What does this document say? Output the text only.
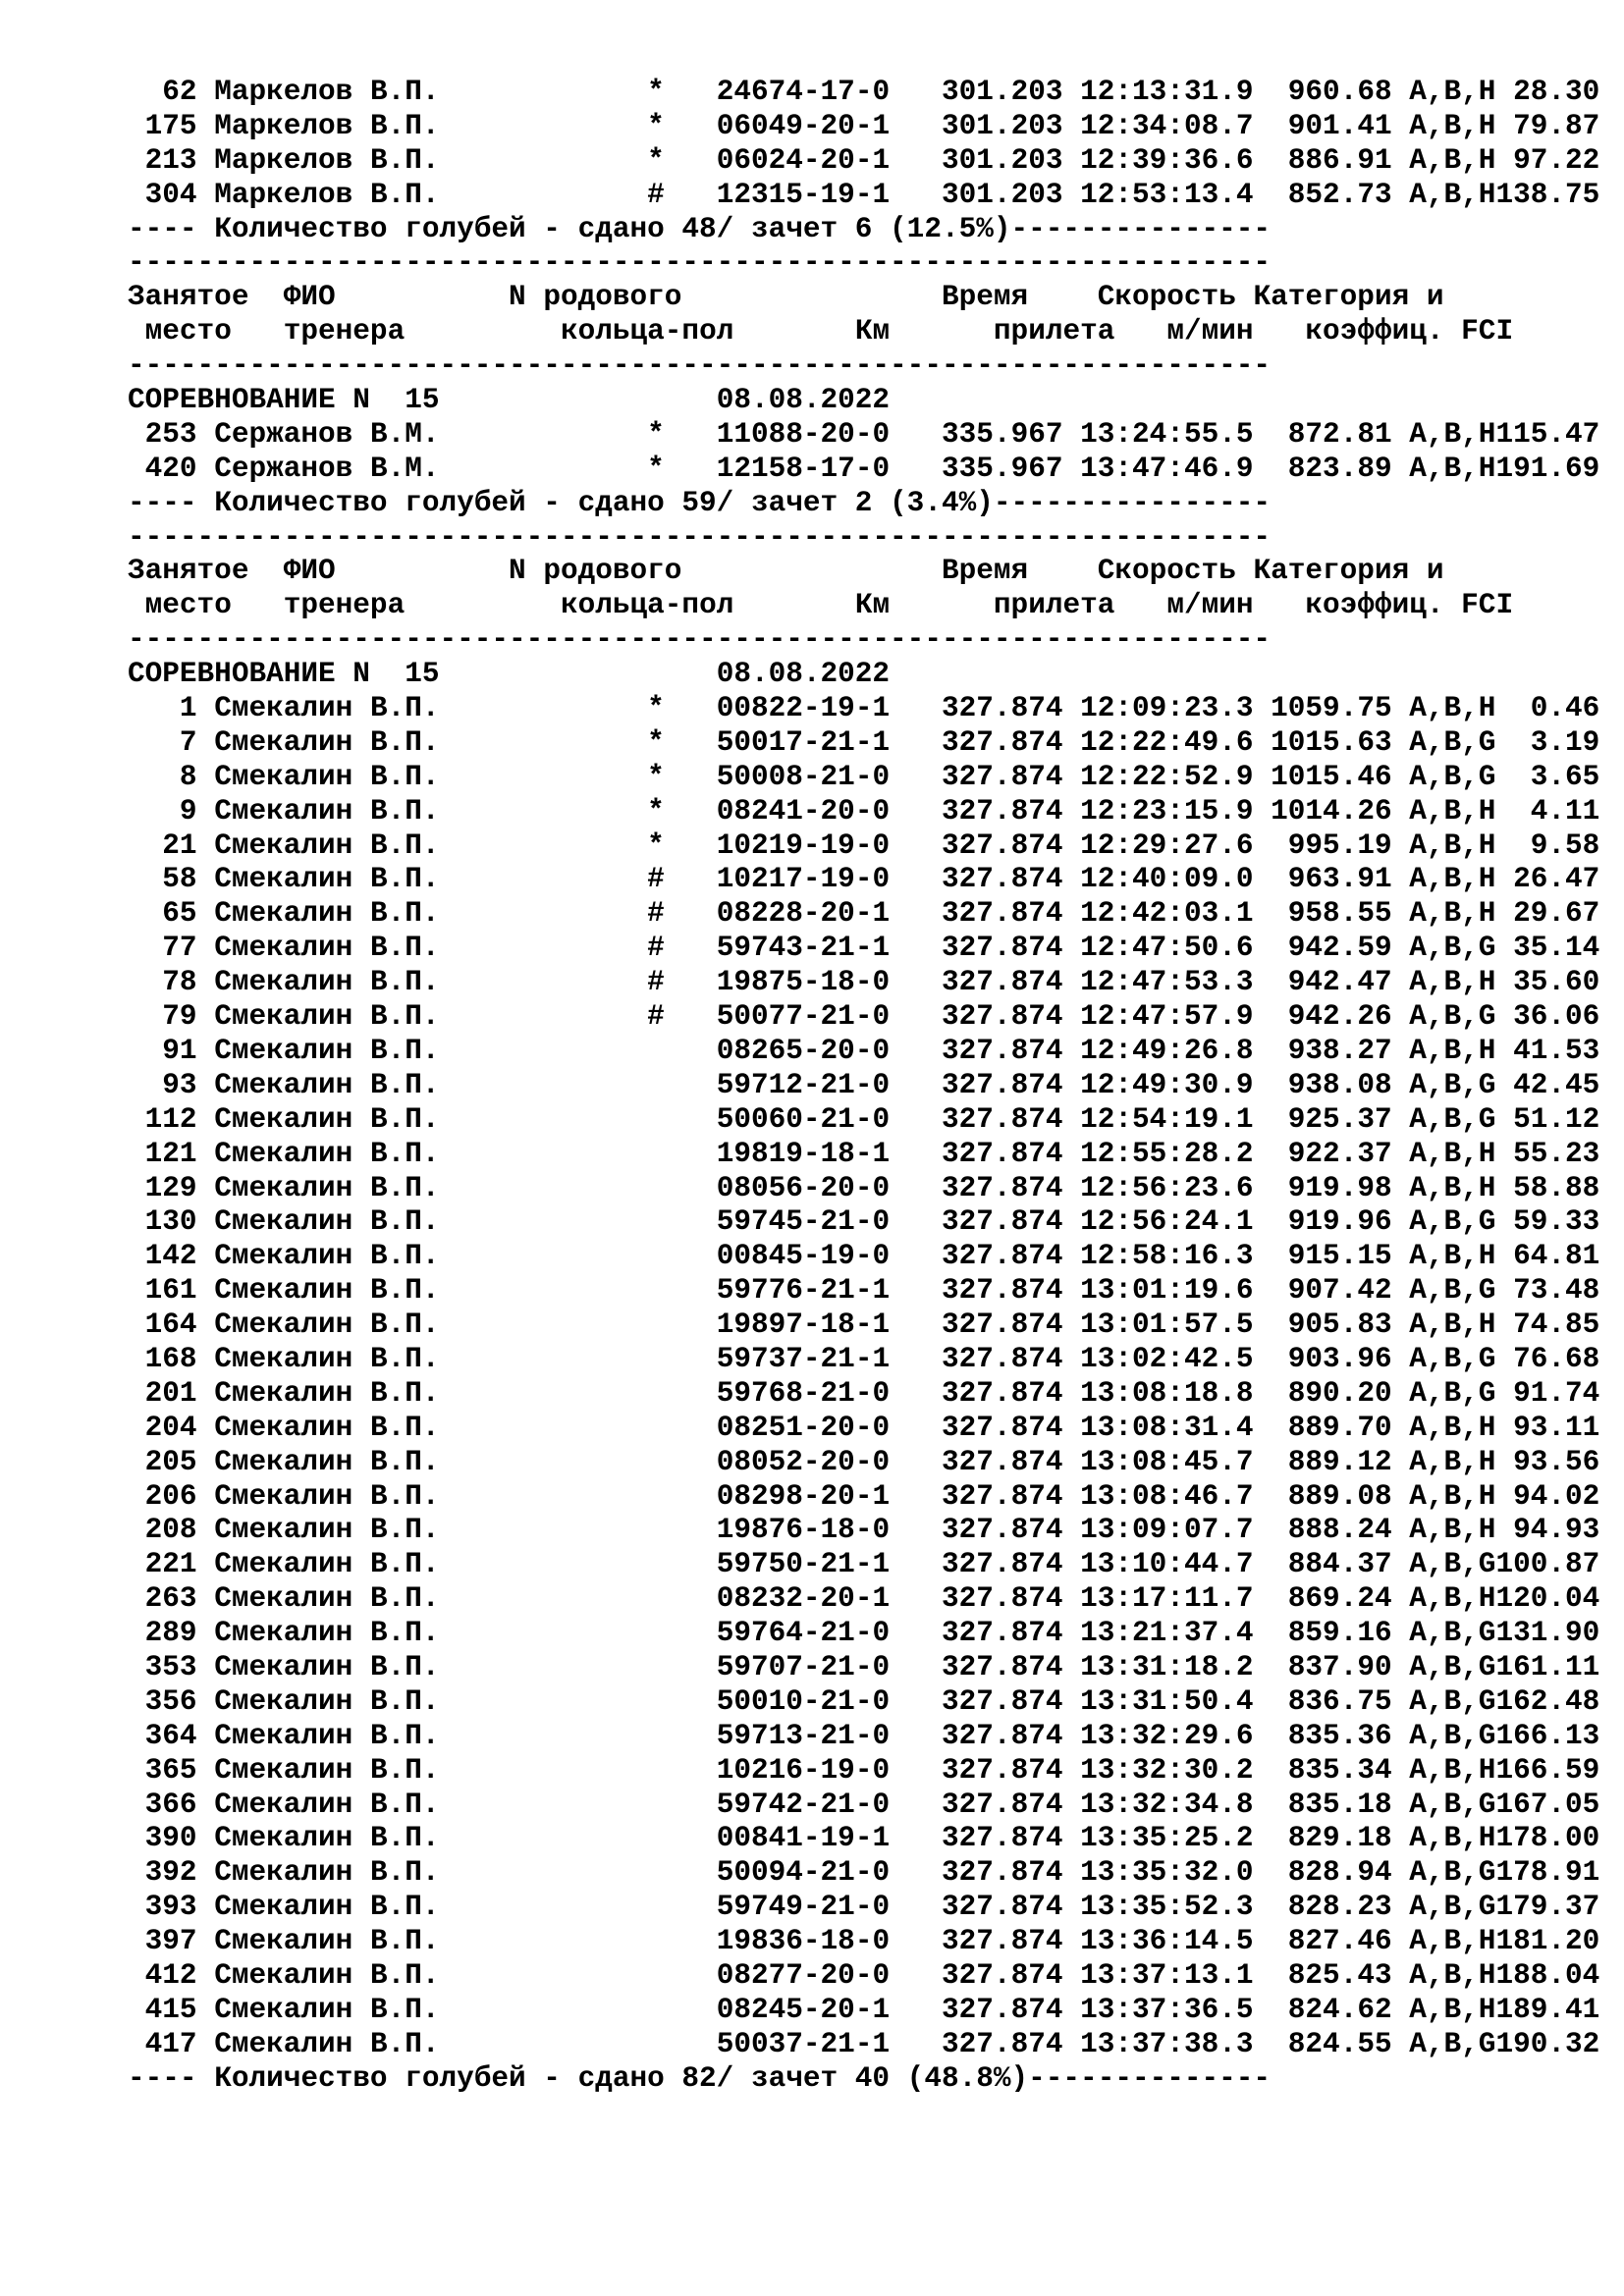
62 Маркелов В.П.	* 24674-17-0 301.203 12:13:31.9 960.68 A,B,H 28.30
175 Маркелов В.П.	* 06049-20-1 301.203 12:34:08.7 901.41 A,B,H 79.87
213 Маркелов В.П.	* 06024-20-1 301.203 12:39:36.6 886.91 A,B,H 97.22
304 Маркелов В.П.	# 12315-19-1 301.203 12:53:13.4 852.73 A,B,H138.75
---- Количество голубей - сдано 48/ зачет 6 (12.5%)---------------
------------------------------------------------------------------
Занятое ФИО	N родового	Время Скорость Категория и
место тренера	кольца-пол	Км	прилета м/мин коэффиц. FCI
------------------------------------------------------------------
СОРЕВНОВАНИЕ N  15	08.08.2022
253 Сержанов В.М.	* 11088-20-0 335.967 13:24:55.5 872.81 A,B,H115.47
420 Сержанов В.М.	* 12158-17-0 335.967 13:47:46.9 823.89 A,B,H191.69
---- Количество голубей - сдано 59/ зачет 2 (3.4%)----------------
------------------------------------------------------------------
Занятое ФИО	N родового	Время Скорость Категория и
место тренера	кольца-пол	Км	прилета м/мин коэффиц. FCI
------------------------------------------------------------------
СОРЕВНОВАНИЕ N  15	08.08.2022
1 Смекалин В.П.	* 00822-19-1 327.874 12:09:23.3 1059.75 A,B,H 0.46
7 Смекалин В.П.	* 50017-21-1 327.874 12:22:49.6 1015.63 A,B,G 3.19
8 Смекалин В.П.	* 50008-21-0 327.874 12:22:52.9 1015.46 A,B,G 3.65
9 Смекалин В.П.	* 08241-20-0 327.874 12:23:15.9 1014.26 A,B,H 4.11
21 Смекалин В.П.	* 10219-19-0 327.874 12:29:27.6 995.19 A,B,H 9.58
58 Смекалин В.П.	# 10217-19-0 327.874 12:40:09.0 963.91 A,B,H 26.47
65 Смекалин В.П.	# 08228-20-1 327.874 12:42:03.1 958.55 A,B,H 29.67
77 Смекалин В.П.	# 59743-21-1 327.874 12:47:50.6 942.59 A,B,G 35.14
78 Смекалин В.П.	# 19875-18-0 327.874 12:47:53.3 942.47 A,B,H 35.60
79 Смекалин В.П.	# 50077-21-0 327.874 12:47:57.9 942.26 A,B,G 36.06
91 Смекалин В.П.	08265-20-0 327.874 12:49:26.8 938.27 A,B,H 41.53
93 Смекалин В.П.	59712-21-0 327.874 12:49:30.9 938.08 A,B,G 42.45
112 Смекалин В.П.	50060-21-0 327.874 12:54:19.1 925.37 A,B,G 51.12
121 Смекалин В.П.	19819-18-1 327.874 12:55:28.2 922.37 A,B,H 55.23
129 Смекалин В.П.	08056-20-0 327.874 12:56:23.6 919.98 A,B,H 58.88
130 Смекалин В.П.	59745-21-0 327.874 12:56:24.1 919.96 A,B,G 59.33
142 Смекалин В.П.	00845-19-0 327.874 12:58:16.3 915.15 A,B,H 64.81
161 Смекалин В.П.	59776-21-1 327.874 13:01:19.6 907.42 A,B,G 73.48
164 Смекалин В.П.	19897-18-1 327.874 13:01:57.5 905.83 A,B,H 74.85
168 Смекалин В.П.	59737-21-1 327.874 13:02:42.5 903.96 A,B,G 76.68
201 Смекалин В.П.	59768-21-0 327.874 13:08:18.8 890.20 A,B,G 91.74
204 Смекалин В.П.	08251-20-0 327.874 13:08:31.4 889.70 A,B,H 93.11
205 Смекалин В.П.	08052-20-0 327.874 13:08:45.7 889.12 A,B,H 93.56
206 Смекалин В.П.	08298-20-1 327.874 13:08:46.7 889.08 A,B,H 94.02
208 Смекалин В.П.	19876-18-0 327.874 13:09:07.7 888.24 A,B,H 94.93
221 Смекалин В.П.	59750-21-1 327.874 13:10:44.7 884.37 A,B,G100.87
263 Смекалин В.П.	08232-20-1 327.874 13:17:11.7 869.24 A,B,H120.04
289 Смекалин В.П.	59764-21-0 327.874 13:21:37.4 859.16 A,B,G131.90
353 Смекалин В.П.	59707-21-0 327.874 13:31:18.2 837.90 A,B,G161.11
356 Смекалин В.П.	50010-21-0 327.874 13:31:50.4 836.75 A,B,G162.48
364 Смекалин В.П.	59713-21-0 327.874 13:32:29.6 835.36 A,B,G166.13
365 Смекалин В.П.	10216-19-0 327.874 13:32:30.2 835.34 A,B,H166.59
366 Смекалин В.П.	59742-21-0 327.874 13:32:34.8 835.18 A,B,G167.05
390 Смекалин В.П.	00841-19-1 327.874 13:35:25.2 829.18 A,B,H178.00
392 Смекалин В.П.	50094-21-0 327.874 13:35:32.0 828.94 A,B,G178.91
393 Смекалин В.П.	59749-21-0 327.874 13:35:52.3 828.23 A,B,G179.37
397 Смекалин В.П.	19836-18-0 327.874 13:36:14.5 827.46 A,B,H181.20
412 Смекалин В.П.	08277-20-0 327.874 13:37:13.1 825.43 A,B,H188.04
415 Смекалин В.П.	08245-20-1 327.874 13:37:36.5 824.62 A,B,H189.41
417 Смекалин В.П.	50037-21-1 327.874 13:37:38.3 824.55 A,B,G190.32
---- Количество голубей - сдано 82/ зачет 40 (48.8%)--------------
